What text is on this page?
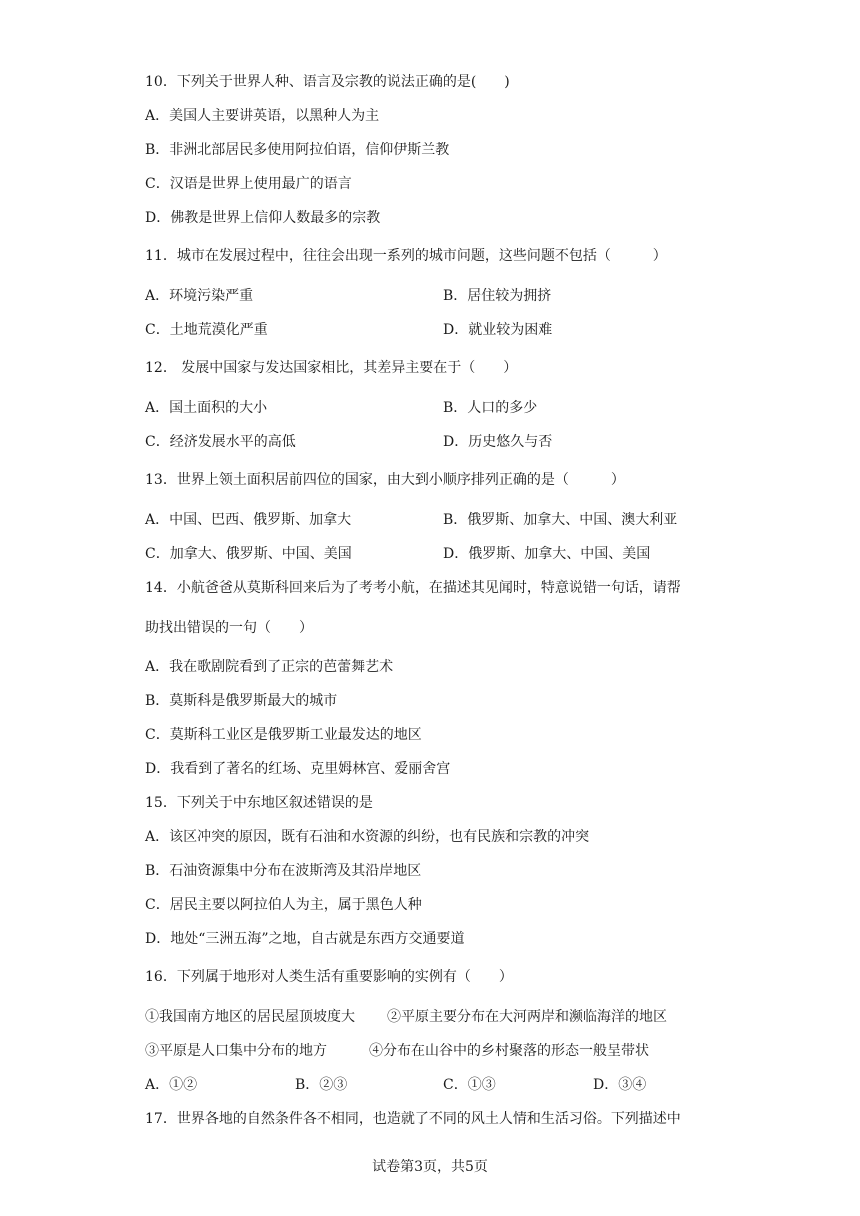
10．下列关于世界人种、语言及宗教的说法正确的是(　　)
A．美国人主要讲英语，以黑种人为主
B．非洲北部居民多使用阿拉伯语，信仰伊斯兰教
C．汉语是世界上使用最广的语言
D．佛教是世界上信仰人数最多的宗教
11．城市在发展过程中，往往会出现一系列的城市问题，这些问题不包括（　　　）
A．环境污染严重	B．居住较为拥挤
C．土地荒漠化严重	D．就业较为困难
12． 发展中国家与发达国家相比，其差异主要在于（　　）
A．国土面积的大小	B．人口的多少
C．经济发展水平的高低	D．历史悠久与否
13．世界上领土面积居前四位的国家，由大到小顺序排列正确的是（　　　）
A．中国、巴西、俄罗斯、加拿大	B．俄罗斯、加拿大、中国、澳大利亚
C．加拿大、俄罗斯、中国、美国	D．俄罗斯、加拿大、中国、美国
14．小航爸爸从莫斯科回来后为了考考小航，在描述其见闻时，特意说错一句话，请帮
助找出错误的一句（　　）
A．我在歌剧院看到了正宗的芭蕾舞艺术
B．莫斯科是俄罗斯最大的城市
C．莫斯科工业区是俄罗斯工业最发达的地区
D．我看到了著名的红场、克里姆林宫、爱丽舍宫
15．下列关于中东地区叙述错误的是
A．该区冲突的原因，既有石油和水资源的纠纷，也有民族和宗教的冲突
B．石油资源集中分布在波斯湾及其沿岸地区
C．居民主要以阿拉伯人为主，属于黑色人种
D．地处“三洲五海”之地，自古就是东西方交通要道
16．下列属于地形对人类生活有重要影响的实例有（　　）
①我国南方地区的居民屋顶坡度大 ②平原主要分布在大河两岸和濒临海洋的地区
③平原是人口集中分布的地方	④分布在山谷中的乡村聚落的形态一般呈带状
A．①②	B．②③	C．①③	D．③④
17．世界各地的自然条件各不相同，也造就了不同的风土人情和生活习俗。下列描述中
试卷第3页，共5页
